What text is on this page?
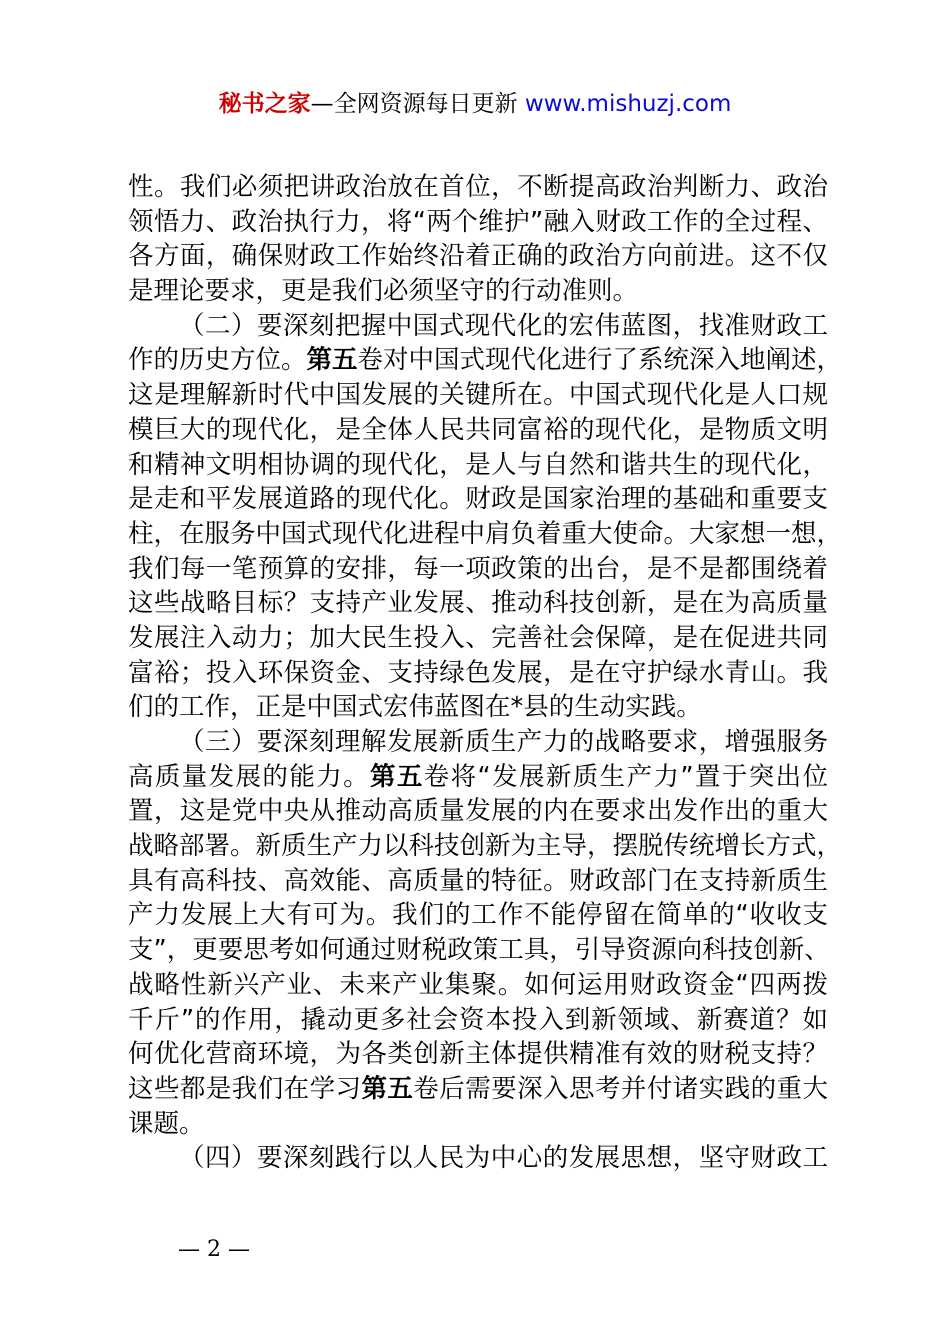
秘书之家—全网资源每日更新 www.mishuzj.com
性。我们必须把讲政治放在首位，不断提高政治判断力、政治
领悟力、政治执行力，将“两个维护”融入财政工作的全过程、
各方面，确保财政工作始终沿着正确的政治方向前进。这不仅
是理论要求，更是我们必须坚守的行动准则。
（二）要深刻把握中国式现代化的宏伟蓝图，找准财政工
作的历史方位。第五卷对中国式现代化进行了系统深入地阐述，
这是理解新时代中国发展的关键所在。中国式现代化是人口规
模巨大的现代化，是全体人民共同富裕的现代化，是物质文明
和精神文明相协调的现代化，是人与自然和谐共生的现代化，
是走和平发展道路的现代化。财政是国家治理的基础和重要支
柱，在服务中国式现代化进程中肩负着重大使命。大家想一想，
我们每一笔预算的安排，每一项政策的出台，是不是都围绕着
这些战略目标？支持产业发展、推动科技创新，是在为高质量
发展注入动力；加大民生投入、完善社会保障，是在促进共同
富裕；投入环保资金、支持绿色发展，是在守护绿水青山。我
们的工作，正是中国式宏伟蓝图在*县的生动实践。
（三）要深刻理解发展新质生产力的战略要求，增强服务
高质量发展的能力。第五卷将“发展新质生产力”置于突出位
置，这是党中央从推动高质量发展的内在要求出发作出的重大
战略部署。新质生产力以科技创新为主导，摆脱传统增长方式，
具有高科技、高效能、高质量的特征。财政部门在支持新质生
产力发展上大有可为。我们的工作不能停留在简单的“收收支
支”，更要思考如何通过财税政策工具，引导资源向科技创新、
战略性新兴产业、未来产业集聚。如何运用财政资金“四两拨
千斤”的作用，撬动更多社会资本投入到新领域、新赛道？如
何优化营商环境，为各类创新主体提供精准有效的财税支持？
这些都是我们在学习第五卷后需要深入思考并付诸实践的重大
课题。
（四）要深刻践行以人民为中心的发展思想，坚守财政工
— 2 —
